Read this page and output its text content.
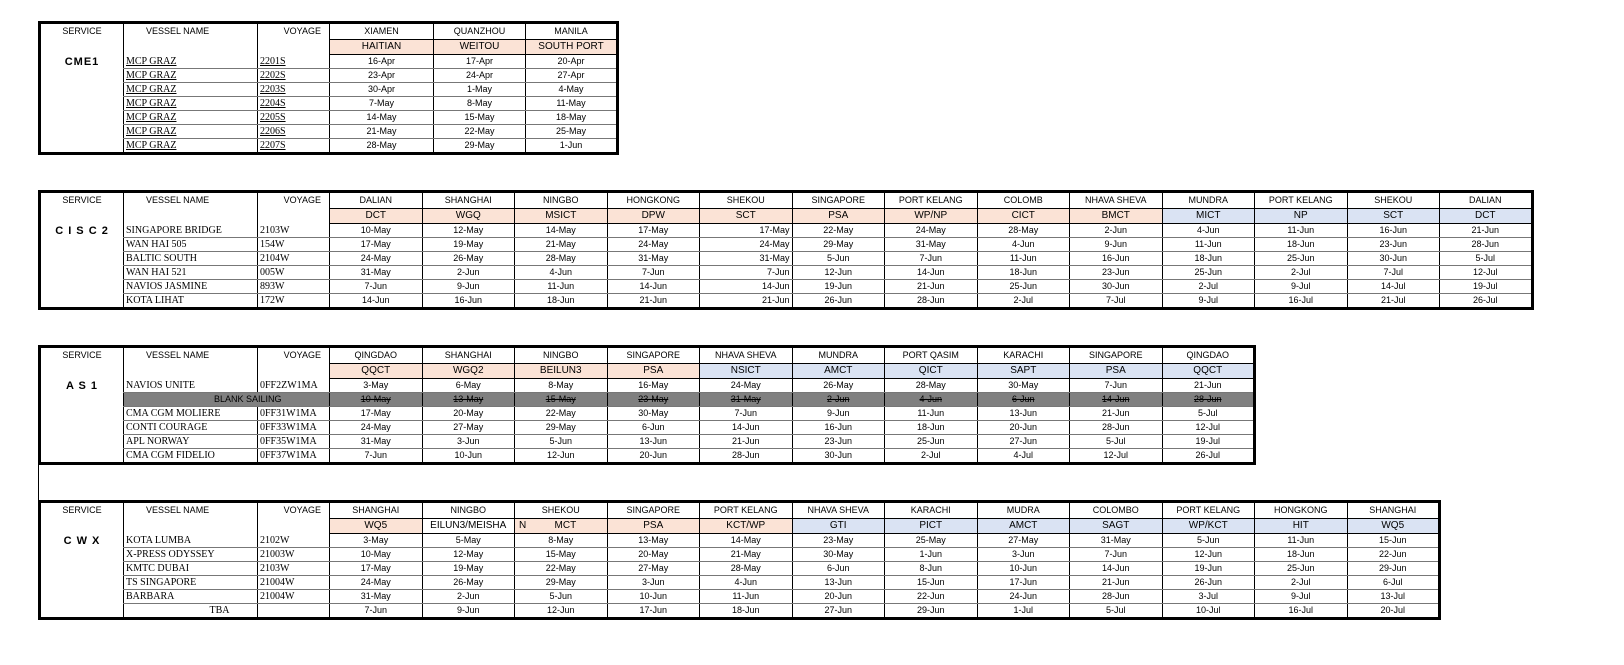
SERVICE	VESSEL NAME	VOYAGE	XIAMEN	QUANZHOU	MANILA
			HAITIAN	WEITOU	SOUTH PORT
CME1	MCP GRAZ	2201S	16-Apr	17-Apr	20-Apr
	MCP GRAZ	2202S	23-Apr	24-Apr	27-Apr
	MCP GRAZ	2203S	30-Apr	1-May	4-May
	MCP GRAZ	2204S	7-May	8-May	11-May
	MCP GRAZ	2205S	14-May	15-May	18-May
	MCP GRAZ	2206S	21-May	22-May	25-May
	MCP GRAZ	2207S	28-May	29-May	1-Jun
SERVICE	VESSEL NAME	VOYAGE	DALIAN	SHANGHAI	NINGBO	HONGKONG	SHEKOU	SINGAPORE	PORT KELANG	COLOMB	NHAVA SHEVA	MUNDRA	PORT KELANG	SHEKOU	DALIAN
			DCT	WGQ	MSICT	DPW	SCT	PSA	WP/NP	CICT	BMCT	MICT	NP	SCT	DCT
C I S C 2	SINGAPORE BRIDGE	2103W	10-May	12-May	14-May	17-May	17-May	22-May	24-May	28-May	2-Jun	4-Jun	11-Jun	16-Jun	21-Jun
	WAN HAI 505	154W	17-May	19-May	21-May	24-May	24-May	29-May	31-May	4-Jun	9-Jun	11-Jun	18-Jun	23-Jun	28-Jun
	BALTIC SOUTH	2104W	24-May	26-May	28-May	31-May	31-May	5-Jun	7-Jun	11-Jun	16-Jun	18-Jun	25-Jun	30-Jun	5-Jul
	WAN HAI 521	005W	31-May	2-Jun	4-Jun	7-Jun	7-Jun	12-Jun	14-Jun	18-Jun	23-Jun	25-Jun	2-Jul	7-Jul	12-Jul
	NAVIOS JASMINE	893W	7-Jun	9-Jun	11-Jun	14-Jun	14-Jun	19-Jun	21-Jun	25-Jun	30-Jun	2-Jul	9-Jul	14-Jul	19-Jul
	KOTA LIHAT	172W	14-Jun	16-Jun	18-Jun	21-Jun	21-Jun	26-Jun	28-Jun	2-Jul	7-Jul	9-Jul	16-Jul	21-Jul	26-Jul
SERVICE	VESSEL NAME	VOYAGE	QINGDAO	SHANGHAI	NINGBO	SINGAPORE	NHAVA SHEVA	MUNDRA	PORT QASIM	KARACHI	SINGAPORE	QINGDAO
			QQCT	WGQ2	BEILUN3	PSA	NSICT	AMCT	QICT	SAPT	PSA	QQCT
A S 1	NAVIOS UNITE	0FF2ZW1MA	3-May	6-May	8-May	16-May	24-May	26-May	28-May	30-May	7-Jun	21-Jun
	BLANK SAILING		10-May	13-May	15-May	23-May	31-May	2-Jun	4-Jun	6-Jun	14-Jun	28-Jun
	CMA CGM MOLIERE	0FF31W1MA	17-May	20-May	22-May	30-May	7-Jun	9-Jun	11-Jun	13-Jun	21-Jun	5-Jul
	CONTI COURAGE	0FF33W1MA	24-May	27-May	29-May	6-Jun	14-Jun	16-Jun	18-Jun	20-Jun	28-Jun	12-Jul
	APL NORWAY	0FF35W1MA	31-May	3-Jun	5-Jun	13-Jun	21-Jun	23-Jun	25-Jun	27-Jun	5-Jul	19-Jul
	CMA CGM FIDELIO	0FF37W1MA	7-Jun	10-Jun	12-Jun	20-Jun	28-Jun	30-Jun	2-Jul	4-Jul	12-Jul	26-Jul
SERVICE	VESSEL NAME	VOYAGE	SHANGHAI	NINGBO	SHEKOU	SINGAPORE	PORT KELANG	NHAVA SHEVA	KARACHI	MUDRA	COLOMBO	PORT KELANG	HONGKONG	SHANGHAI
			WQ5	EILUN3/MEISHA	N MCT	PSA	KCT/WP	GTI	PICT	AMCT	SAGT	WP/KCT	HIT	WQ5
C W X	KOTA LUMBA	2102W	3-May	5-May	8-May	13-May	14-May	23-May	25-May	27-May	31-May	5-Jun	11-Jun	15-Jun
	X-PRESS ODYSSEY	21003W	10-May	12-May	15-May	20-May	21-May	30-May	1-Jun	3-Jun	7-Jun	12-Jun	18-Jun	22-Jun
	KMTC DUBAI	2103W	17-May	19-May	22-May	27-May	28-May	6-Jun	8-Jun	10-Jun	14-Jun	19-Jun	25-Jun	29-Jun
	TS SINGAPORE	21004W	24-May	26-May	29-May	3-Jun	4-Jun	13-Jun	15-Jun	17-Jun	21-Jun	26-Jun	2-Jul	6-Jul
	BARBARA	21004W	31-May	2-Jun	5-Jun	10-Jun	11-Jun	20-Jun	22-Jun	24-Jun	28-Jun	3-Jul	9-Jul	13-Jul
	TBA		7-Jun	9-Jun	12-Jun	17-Jun	18-Jun	27-Jun	29-Jun	1-Jul	5-Jul	10-Jul	16-Jul	20-Jul
